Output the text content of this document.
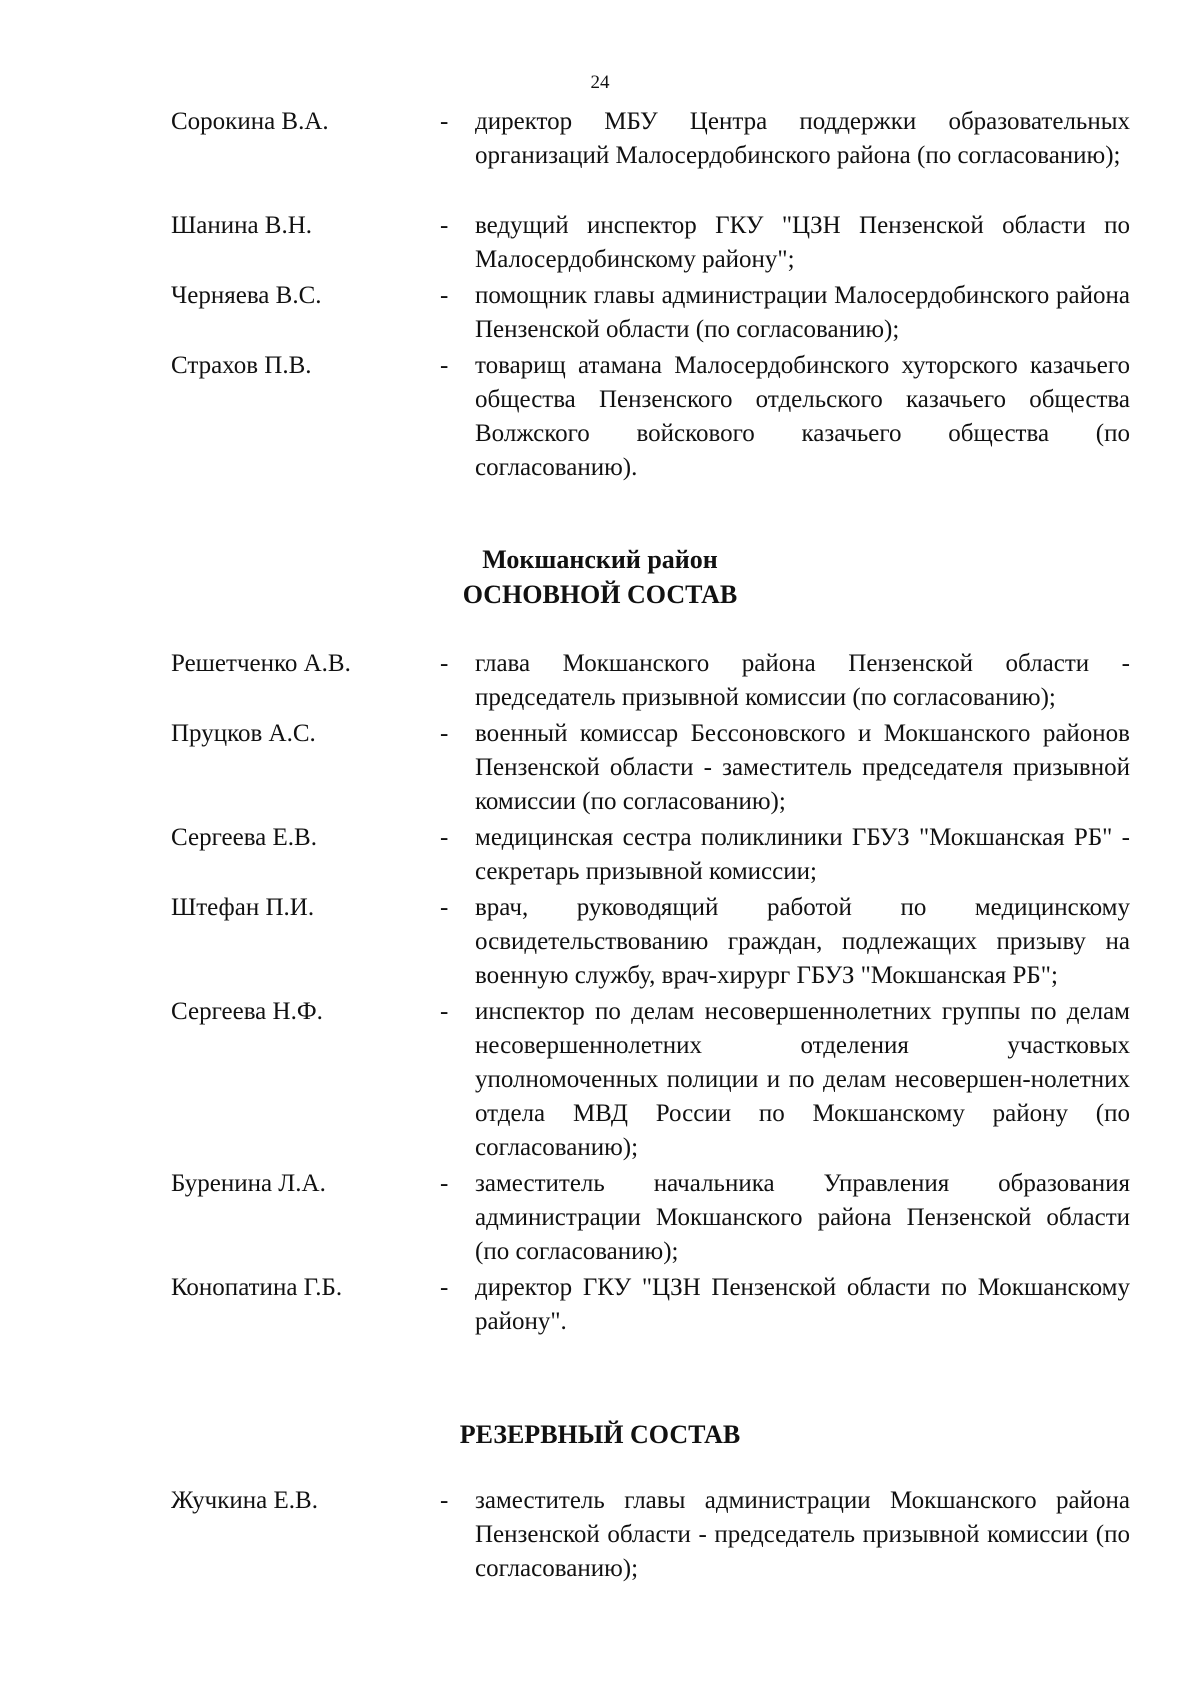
24
Сорокина В.А.	- директор МБУ Центра поддержки образовательных организаций Малосердобинского района (по согласованию);
Шанина В.Н.	- ведущий инспектор ГКУ "ЦЗН Пензенской области по Малосердобинскому району";
Черняева В.С.	- помощник главы администрации Малосердобинского района Пензенской области (по согласованию);
Страхов П.В.	- товарищ атамана Малосердобинского хуторского казачьего общества Пензенского отдельского казачьего общества Волжского войскового казачьего общества (по согласованию).
Мокшанский район
ОСНОВНОЙ СОСТАВ
Решетченко А.В.	- глава Мокшанского района Пензенской области - председатель призывной комиссии (по согласованию);
Пруцков А.С.	- военный комиссар Бессоновского и Мокшанского районов Пензенской области - заместитель председателя призывной комиссии (по согласованию);
Сергеева Е.В.	- медицинская сестра поликлиники ГБУЗ "Мокшанская РБ" - секретарь призывной комиссии;
Штефан П.И.	- врач, руководящий работой по медицинскому освидетельствованию граждан, подлежащих призыву на военную службу, врач-хирург ГБУЗ "Мокшанская РБ";
Сергеева Н.Ф.	- инспектор по делам несовершеннолетних группы по делам несовершеннолетних отделения участковых уполномоченных полиции и по делам несовершен-нолетних отдела МВД России по Мокшанскому району (по согласованию);
Буренина Л.А.	- заместитель начальника Управления образования администрации Мокшанского района Пензенской области (по согласованию);
Конопатина Г.Б.	- директор ГКУ "ЦЗН Пензенской области по Мокшанскому району".
РЕЗЕРВНЫЙ СОСТАВ
Жучкина Е.В.	- заместитель главы администрации Мокшанского района Пензенской области - председатель призывной комиссии (по согласованию);
